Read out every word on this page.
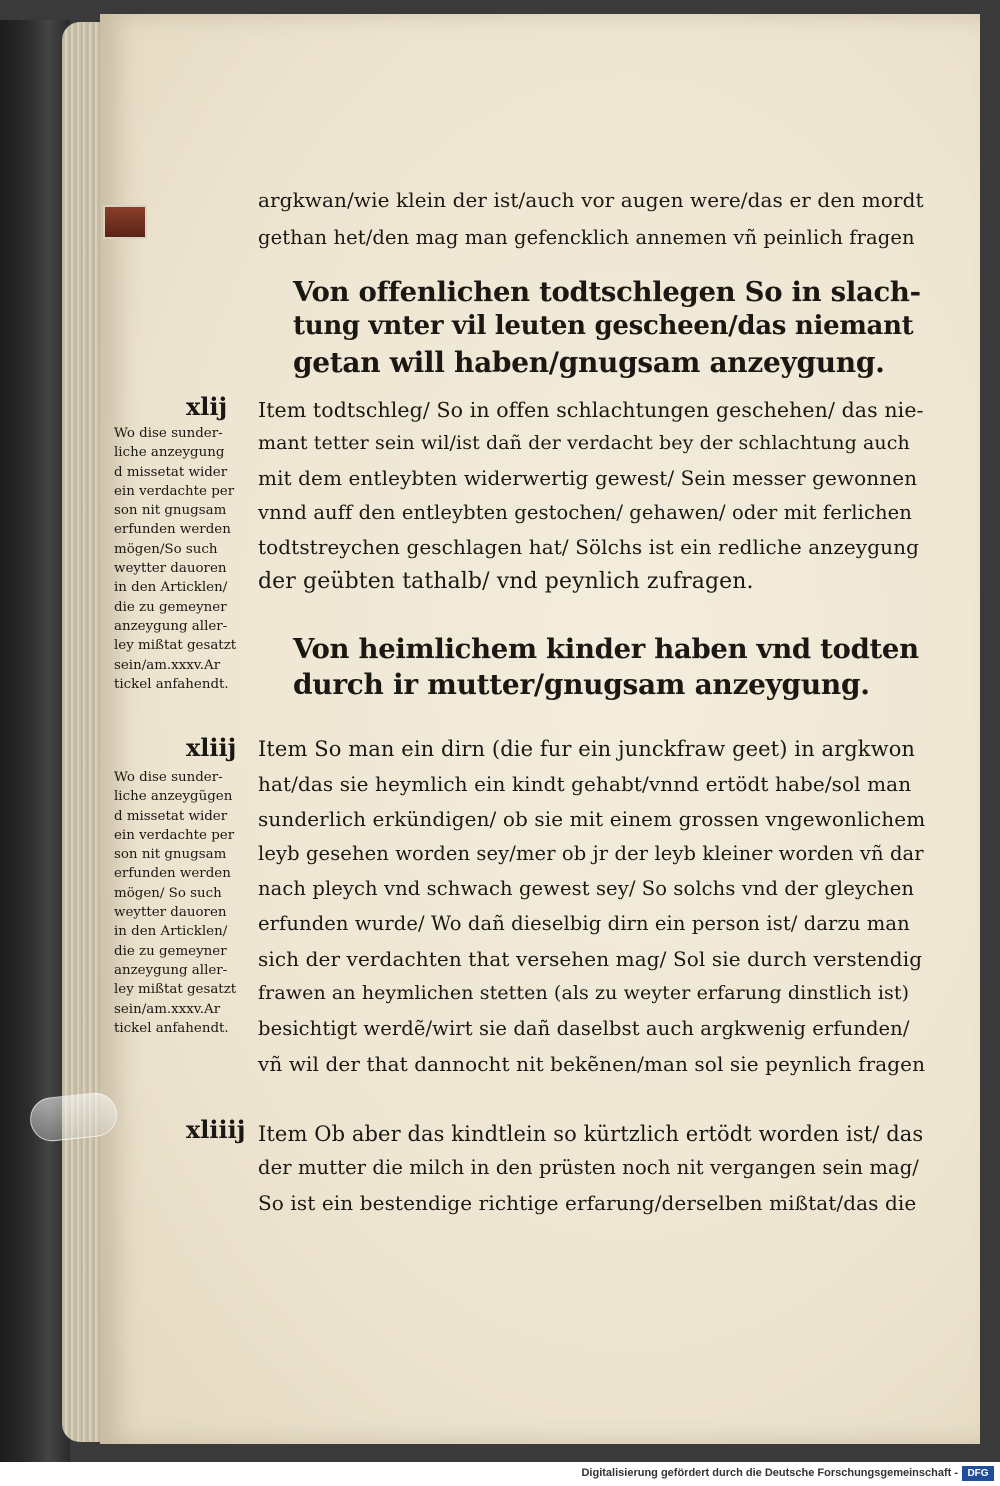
argkwan/wie klein der ist/auch vor augen were/das er den mordt
gethan het/den mag man gefencklich annemen vñ peinlich fragen
Von offenlichen todtschlegen So in slach-
tung vnter vil leuten gescheen/das niemant
getan will haben/gnugsam anzeygung.
xlij
Wo dise sunder-
liche anzeygung
d missetat wider
ein verdachte per
son nit gnugsam
erfunden werden
mögen/So such
weytter dauoren
in den Articklen/
die zu gemeyner
anzeygung aller-
ley mißtat gesatzt
sein/am.xxxv.Ar
tickel anfahendt.
Item todtschleg/ So in offen schlachtungen geschehen/ das nie-
mant tetter sein wil/ist dañ der verdacht bey der schlachtung auch
mit dem entleybten widerwertig gewest/ Sein messer gewonnen
vnnd auff den entleybten gestochen/ gehawen/ oder mit ferlichen
todtstreychen geschlagen hat/ Sölchs ist ein redliche anzeygung
der geübten tathalb/ vnd peynlich zufragen.
Von heimlichem kinder haben vnd todten
durch ir mutter/gnugsam anzeygung.
xliij
Wo dise sunder-
liche anzeygũgen
d missetat wider
ein verdachte per
son nit gnugsam
erfunden werden
mögen/ So such
weytter dauoren
in den Articklen/
die zu gemeyner
anzeygung aller-
ley mißtat gesatzt
sein/am.xxxv.Ar
tickel anfahendt.
Item So man ein dirn (die fur ein junckfraw geet) in argkwon
hat/das sie heymlich ein kindt gehabt/vnnd ertödt habe/sol man
sunderlich erkündigen/ ob sie mit einem grossen vngewonlichem
leyb gesehen worden sey/mer ob jr der leyb kleiner worden vñ dar
nach pleych vnd schwach gewest sey/ So solchs vnd der gleychen
erfunden wurde/ Wo dañ dieselbig dirn ein person ist/ darzu man
sich der verdachten that versehen mag/ Sol sie durch verstendig
frawen an heymlichen stetten (als zu weyter erfarung dinstlich ist)
besichtigt werdẽ/wirt sie dañ daselbst auch argkwenig erfunden/
vñ wil der that dannocht nit bekẽnen/man sol sie peynlich fragen
xliiij Item Ob aber das kindtlein so kürtzlich ertödt worden ist/ das
der mutter die milch in den prüsten noch nit vergangen sein mag/
So ist ein bestendige richtige erfarung/derselben mißtat/das die
Digitalisierung gefördert durch die Deutsche Forschungsgemeinschaft - DFG
